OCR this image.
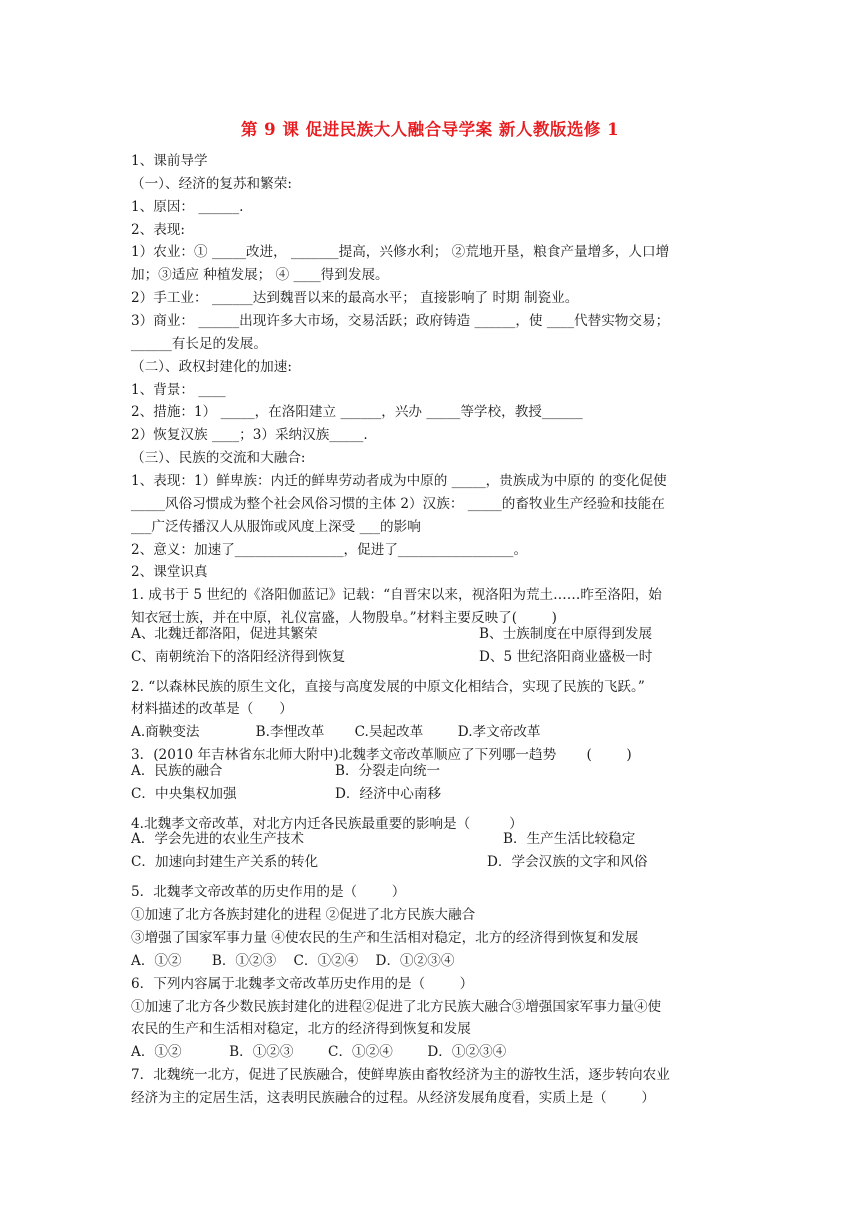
第 9 课 促进民族大人融合导学案 新人教版选修 1
1、课前导学
（一）、经济的复苏和繁荣:
1、原因： ______.
2、表现:
1）农业：① _____改进， _______提高，兴修水利； ②荒地开垦，粮食产量增多，人口增
加；③适应 种植发展； ④ ____得到发展。
2）手工业： ______达到魏晋以来的最高水平； 直接影响了 时期 制瓷业。
3）商业： ______出现许多大市场，交易活跃；政府铸造 ______，使 ____代替实物交易；
______有长足的发展。
（二）、政权封建化的加速:
1、背景： ____
2、措施：1） _____，在洛阳建立 ______，兴办 _____等学校，教授______
2）恢复汉族 ____；3）采纳汉族_____.
（三）、民族的交流和大融合:
1、表现：1）鲜卑族：内迁的鲜卑劳动者成为中原的 _____，贵族成为中原的 的变化促使
_____风俗习惯成为整个社会风俗习惯的主体 2）汉族： _____的畜牧业生产经验和技能在
___广泛传播汉人从服饰或风度上深受 ___的影响
2、意义：加速了________________，促进了_________________。
2、课堂识真
1. 成书于 5 世纪的《洛阳伽蓝记》记载：“自晋宋以来，视洛阳为荒土……昨至洛阳，始
知衣冠士族，并在中原，礼仪富盛，人物殷阜。”材料主要反映了(        )
2. “以森林民族的原生文化，直接与高度发展的中原文化相结合，实现了民族的飞跃。”
材料描述的改革是（      ）
A.商鞅变法             B.李悝改革       C.吴起改革        D.孝文帝改革
3．(2010 年吉林省东北师大附中)北魏孝文帝改革顺应了下列哪一趋势       (        )
4.北魏孝文帝改革，对北方内迁各民族最重要的影响是（         ）
5．北魏孝文帝改革的历史作用的是（        ）
①加速了北方各族封建化的进程 ②促进了北方民族大融合
③增强了国家军事力量 ④使农民的生产和生活相对稳定，北方的经济得到恢复和发展
A．①②       B．①②③    C．①②④    D．①②③④
6．下列内容属于北魏孝文帝改革历史作用的是（        ）
①加速了北方各少数民族封建化的进程②促进了北方民族大融合③增强国家军事力量④使
农民的生产和生活相对稳定，北方的经济得到恢复和发展
A．①②           B．①②③        C．①②④        D．①②③④
7．北魏统一北方，促进了民族融合，使鲜卑族由畜牧经济为主的游牧生活，逐步转向农业
经济为主的定居生活，这表明民族融合的过程。从经济发展角度看，实质上是（        ）
A、北魏迁都洛阳，促进其繁荣	B、士族制度在中原得到发展
C、南朝统治下的洛阳经济得到恢复	D、5 世纪洛阳商业盛极一时
A．民族的融合	B．分裂走向统一
C．中央集权加强	D．经济中心南移
A．学会先进的农业生产技术	B．生产生活比较稳定
C．加速向封建生产关系的转化	D．学会汉族的文字和风俗
